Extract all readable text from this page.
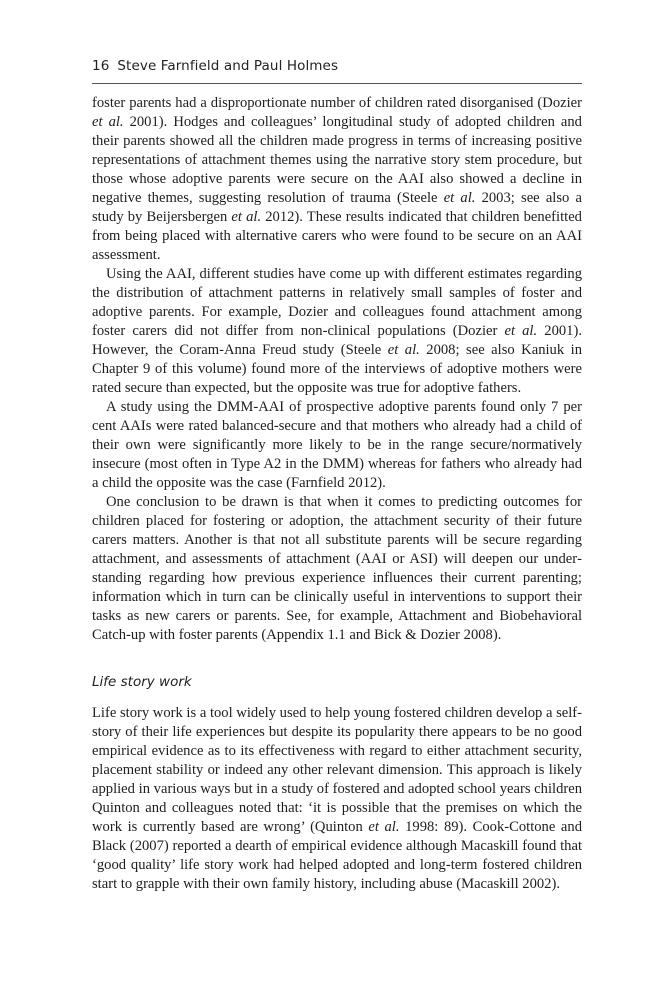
16 Steve Farnfield and Paul Holmes

foster parents had a disproportionate number of children rated disorganised (Dozier et al. 2001). Hodges and colleagues’ longitudinal study of adopted children and their parents showed all the children made progress in terms of increasing positive representations of attachment themes using the narrative story stem procedure, but those whose adoptive parents were secure on the AAI also showed a decline in negative themes, suggesting resolution of trauma (Steele et al. 2003; see also a study by Beijersbergen et al. 2012). These results indicated that children benefitted from being placed with alternative carers who were found to be secure on an AAI assessment.

Using the AAI, different studies have come up with different estimates regarding the distribution of attachment patterns in relatively small samples of foster and adoptive parents. For example, Dozier and colleagues found attachment among foster carers did not differ from non-clinical populations (Dozier et al. 2001). However, the Coram-Anna Freud study (Steele et al. 2008; see also Kaniuk in Chapter 9 of this volume) found more of the interviews of adoptive mothers were rated secure than expected, but the opposite was true for adoptive fathers.

A study using the DMM-AAI of prospective adoptive parents found only 7 per cent AAIs were rated balanced-secure and that mothers who already had a child of their own were significantly more likely to be in the range secure/normatively insecure (most often in Type A2 in the DMM) whereas for fathers who already had a child the opposite was the case (Farnfield 2012).

One conclusion to be drawn is that when it comes to predicting outcomes for children placed for fostering or adoption, the attachment security of their future carers matters. Another is that not all substitute parents will be secure regarding attachment, and assessments of attachment (AAI or ASI) will deepen our understanding regarding how previous experience influences their current parenting; information which in turn can be clinically useful in interventions to support their tasks as new carers or parents. See, for example, Attachment and Biobehavioral Catch-up with foster parents (Appendix 1.1 and Bick & Dozier 2008).

Life story work

Life story work is a tool widely used to help young fostered children develop a self-story of their life experiences but despite its popularity there appears to be no good empirical evidence as to its effectiveness with regard to either attachment security, placement stability or indeed any other relevant dimension. This approach is likely applied in various ways but in a study of fostered and adopted school years children Quinton and colleagues noted that: ‘it is possible that the premises on which the work is currently based are wrong’ (Quinton et al. 1998: 89). Cook-Cottone and Black (2007) reported a dearth of empirical evidence although Macaskill found that ‘good quality’ life story work had helped adopted and long-term fostered children start to grapple with their own family history, including abuse (Macaskill 2002).
